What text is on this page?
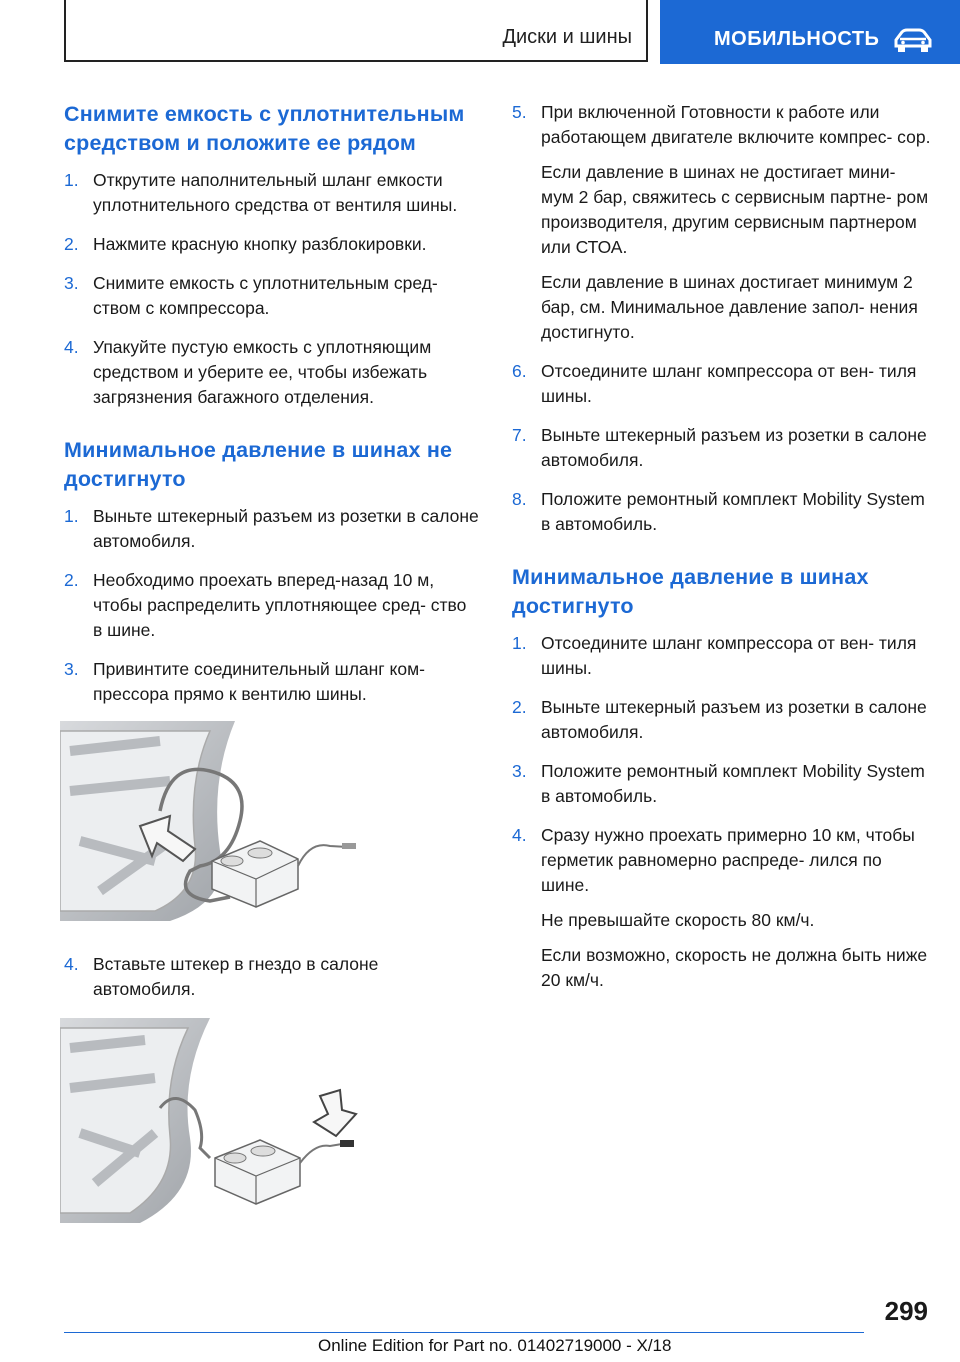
Диски и шины	МОБИЛЬНОСТЬ
Снимите емкость с уплотнительным средством и положите ее рядом
1. Открутите наполнительный шланг емкости уплотнительного средства от вентиля шины.

2. Нажмите красную кнопку разблокировки.

3. Снимите емкость с уплотнительным сред- ством с компрессора.

4. Упакуйте пустую емкость с уплотняющим средством и уберите ее, чтобы избежать загрязнения багажного отделения.

Минимальное давление в шинах не достигнуто
1. Выньте штекерный разъем из розетки в салоне автомобиля.

2. Необходимо проехать вперед-назад 10 м, чтобы распределить уплотняющее сред- ство в шине.

3. Привинтите соединительный шланг ком- прессора прямо к вентилю шины.

4. Вставьте штекер в гнездо в салоне автомобиля.

5. При включенной Готовности к работе или работающем двигателе включите компрес- сор.

Если давление в шинах не достигает мини- мум 2 бар, свяжитесь с сервисным партне- ром производителя, другим сервисным партнером или СТОА.

Если давление в шинах достигает минимум 2 бар, см. Минимальное давление запол- нения достигнуто.

6. Отсоедините шланг компрессора от вен- тиля шины.

7. Выньте штекерный разъем из розетки в салоне автомобиля.

8. Положите ремонтный комплект Mobility System в автомобиль.

Минимальное давление в шинах достигнуто
1. Отсоедините шланг компрессора от вен- тиля шины.

2. Выньте штекерный разъем из розетки в салоне автомобиля.

3. Положите ремонтный комплект Mobility System в автомобиль.

4. Сразу нужно проехать примерно 10 км, чтобы герметик равномерно распреде- лился по шине.

Не превышайте скорость 80 км/ч.

Если возможно, скорость не должна быть ниже 20 км/ч.

299
Online Edition for Part no. 01402719000 - X/18
